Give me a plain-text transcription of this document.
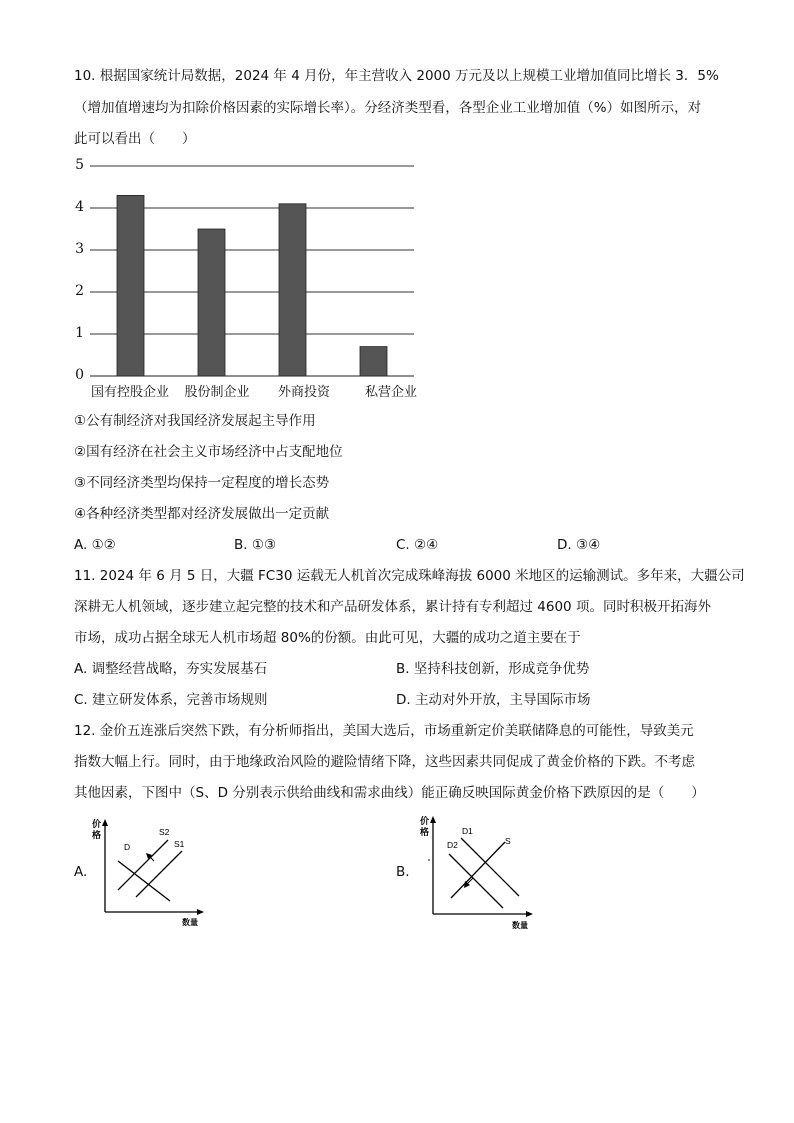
10. 根据国家统计局数据，2024 年 4 月份，年主营收入 2000 万元及以上规模工业增加值同比增长 3．5%
（增加值增速均为扣除价格因素的实际增长率）。分经济类型看，各型企业工业增加值（%）如图所示，对
此可以看出（　　）
5
4
3
2
1
0
国有控股企业	股份制企业	外商投资	私营企业
①公有制经济对我国经济发展起主导作用
②国有经济在社会主义市场经济中占支配地位
③不同经济类型均保持一定程度的增长态势
④各种经济类型都对经济发展做出一定贡献
A. ①②	B. ①③	C. ②④	D. ③④
11. 2024 年 6 月 5 日，大疆 FC30 运载无人机首次完成珠峰海拔 6000 米地区的运输测试。多年来，大疆公司
深耕无人机领域，逐步建立起完整的技术和产品研发体系，累计持有专利超过 4600 项。同时积极开拓海外
市场，成功占据全球无人机市场超 80%的份额。由此可见，大疆的成功之道主要在于
A. 调整经营战略，夯实发展基石	B. 坚持科技创新，形成竞争优势
C. 建立研发体系，完善市场规则	D. 主动对外开放，主导国际市场
12. 金价五连涨后突然下跌，有分析师指出，美国大选后，市场重新定价美联储降息的可能性，导致美元
指数大幅上行。同时，由于地缘政治风险的避险情绪下降，这些因素共同促成了黄金价格的下跌。不考虑
其他因素，下图中（S、D 分别表示供给曲线和需求曲线）能正确反映国际黄金价格下跌原因的是（　　）
A.	B.
价
格
数量
D
S2
S1
价
格
数量
D1
D2	S
